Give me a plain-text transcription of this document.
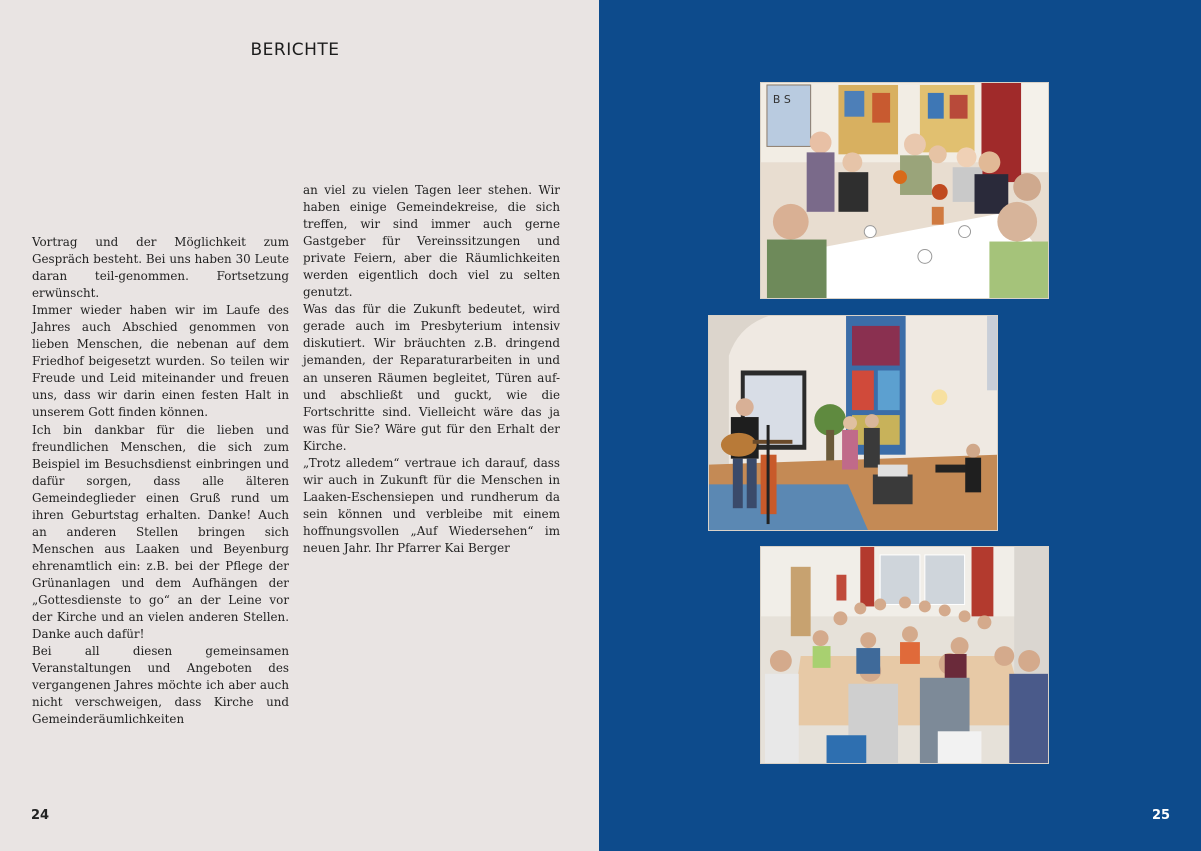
BERICHTE

Vortrag und der Möglichkeit zum Gespräch besteht. Bei uns haben 30 Leute daran teil-genommen. Fortsetzung erwünscht.

Immer wieder haben wir im Laufe des Jahres auch Abschied genommen von lieben Menschen, die nebenan auf dem Friedhof beigesetzt wurden. So teilen wir Freude und Leid miteinander und freuen uns, dass wir darin einen festen Halt in unserem Gott finden können.

Ich bin dankbar für die lieben und freundlichen Menschen, die sich zum Beispiel im Besuchsdienst einbringen und dafür sorgen, dass alle älteren Gemeindeglieder einen Gruß rund um ihren Geburtstag erhalten. Danke! Auch an anderen Stellen bringen sich Menschen aus Laaken und Beyenburg ehrenamtlich ein: z.B. bei der Pflege der Grünanlagen und dem Aufhängen der „Gottesdienste to go“ an der Leine vor der Kirche und an vielen anderen Stellen. Danke auch dafür!

Bei all diesen gemeinsamen Veranstaltungen und Angeboten des vergangenen Jahres möchte ich aber auch nicht verschweigen, dass Kirche und Gemeinderäumlichkeiten

an viel zu vielen Tagen leer stehen. Wir haben einige Gemeindekreise, die sich treffen, wir sind immer auch gerne Gastgeber für Vereinssitzungen und private Feiern, aber die Räumlichkeiten werden eigentlich doch viel zu selten genutzt.

Was das für die Zukunft bedeutet, wird gerade auch im Presbyterium intensiv diskutiert. Wir bräuchten z.B. dringend jemanden, der Reparaturarbeiten in und an unseren Räumen begleitet, Türen auf- und abschließt und guckt, wie die Fortschritte sind. Vielleicht wäre das ja was für Sie? Wäre gut für den Erhalt der Kirche.

„Trotz alledem“ vertraue ich darauf, dass wir auch in Zukunft für die Menschen in Laaken-Eschensiepen und rundherum da sein können und verbleibe mit einem hoffnungsvollen „Auf Wiedersehen“ im neuen Jahr. Ihr Pfarrer Kai Berger

24
B S
25
